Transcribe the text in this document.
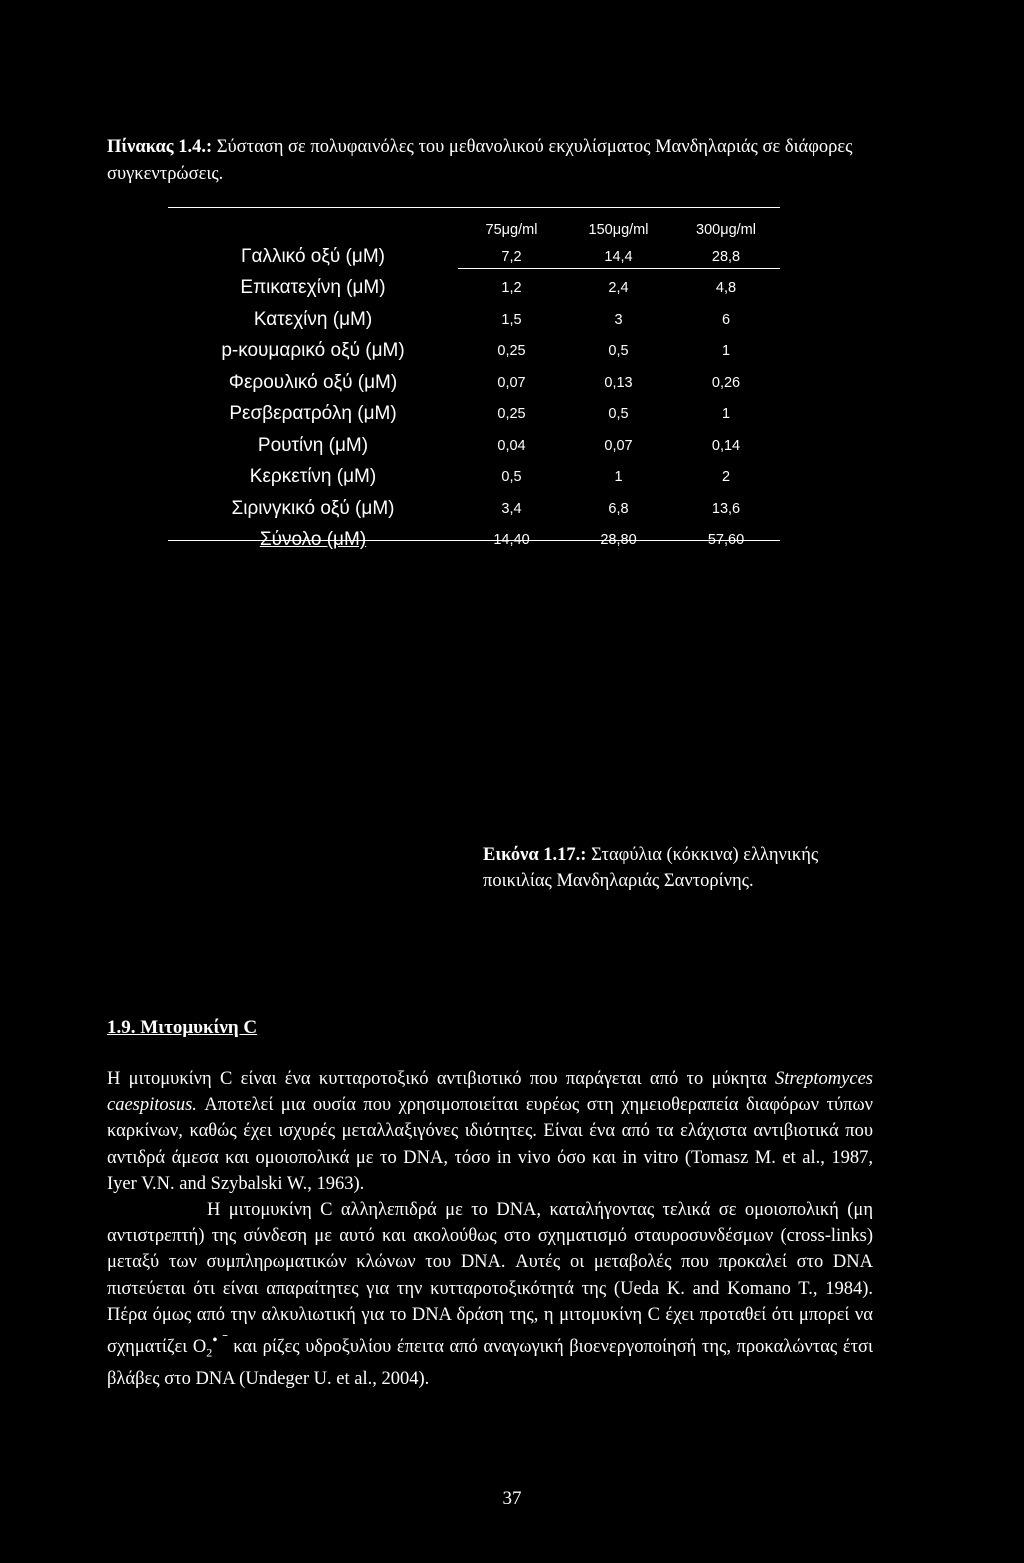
Πίνακας 1.4.: Σύσταση σε πολυφαινόλες του μεθανολικού εκχυλίσματος Μανδηλαριάς σε διάφορες συγκεντρώσεις.
	75μg/ml	150μg/ml	300μg/ml
Γαλλικό οξύ (μΜ)	7,2	14,4	28,8
Επικατεχίνη (μΜ)	1,2	2,4	4,8
Κατεχίνη (μΜ)	1,5	3	6
p-κουμαρικό οξύ (μΜ)	0,25	0,5	1
Φερουλικό οξύ (μΜ)	0,07	0,13	0,26
Ρεσβερατρόλη (μΜ)	0,25	0,5	1
Ρουτίνη (μΜ)	0,04	0,07	0,14
Κερκετίνη (μΜ)	0,5	1	2
Σιρινγκικό οξύ (μΜ)	3,4	6,8	13,6
Σύνολο (μΜ)	14,40	28,80	57,60
Εικόνα 1.17.: Σταφύλια (κόκκινα) ελληνικής ποικιλίας Μανδηλαριάς Σαντορίνης.
1.9. Μιτομυκίνη C

Η μιτομυκίνη C είναι ένα κυτταροτοξικό αντιβιοτικό που παράγεται από το μύκητα Streptomyces caespitosus. Αποτελεί μια ουσία που χρησιμοποιείται ευρέως στη χημειοθεραπεία διαφόρων τύπων καρκίνων, καθώς έχει ισχυρές μεταλλαξιγόνες ιδιότητες. Είναι ένα από τα ελάχιστα αντιβιοτικά που αντιδρά άμεσα και ομοιοπολικά με το DNA, τόσο in vivo όσο και in vitro (Tomasz M. et al., 1987, Iyer V.N. and Szybalski W., 1963).

Η μιτομυκίνη C αλληλεπιδρά με το DNA, καταλήγοντας τελικά σε ομοιοπολική (μη αντιστρεπτή) της σύνδεση με αυτό και ακολούθως στο σχηματισμό σταυροσυνδέσμων (cross-links) μεταξύ των συμπληρωματικών κλώνων του DNA. Αυτές οι μεταβολές που προκαλεί στο DNA πιστεύεται ότι είναι απαραίτητες για την κυτταροτοξικότητά της (Ueda K. and Komano T., 1984). Πέρα όμως από την αλκυλιωτική για το DNA δράση της, η μιτομυκίνη C έχει προταθεί ότι μπορεί να σχηματίζει $O_2^{• ˉ}$ και ρίζες υδροξυλίου έπειτα από αναγωγική βιοενεργοποίησή της, προκαλώντας έτσι βλάβες στο DNA (Undeger U. et al., 2004).

37
